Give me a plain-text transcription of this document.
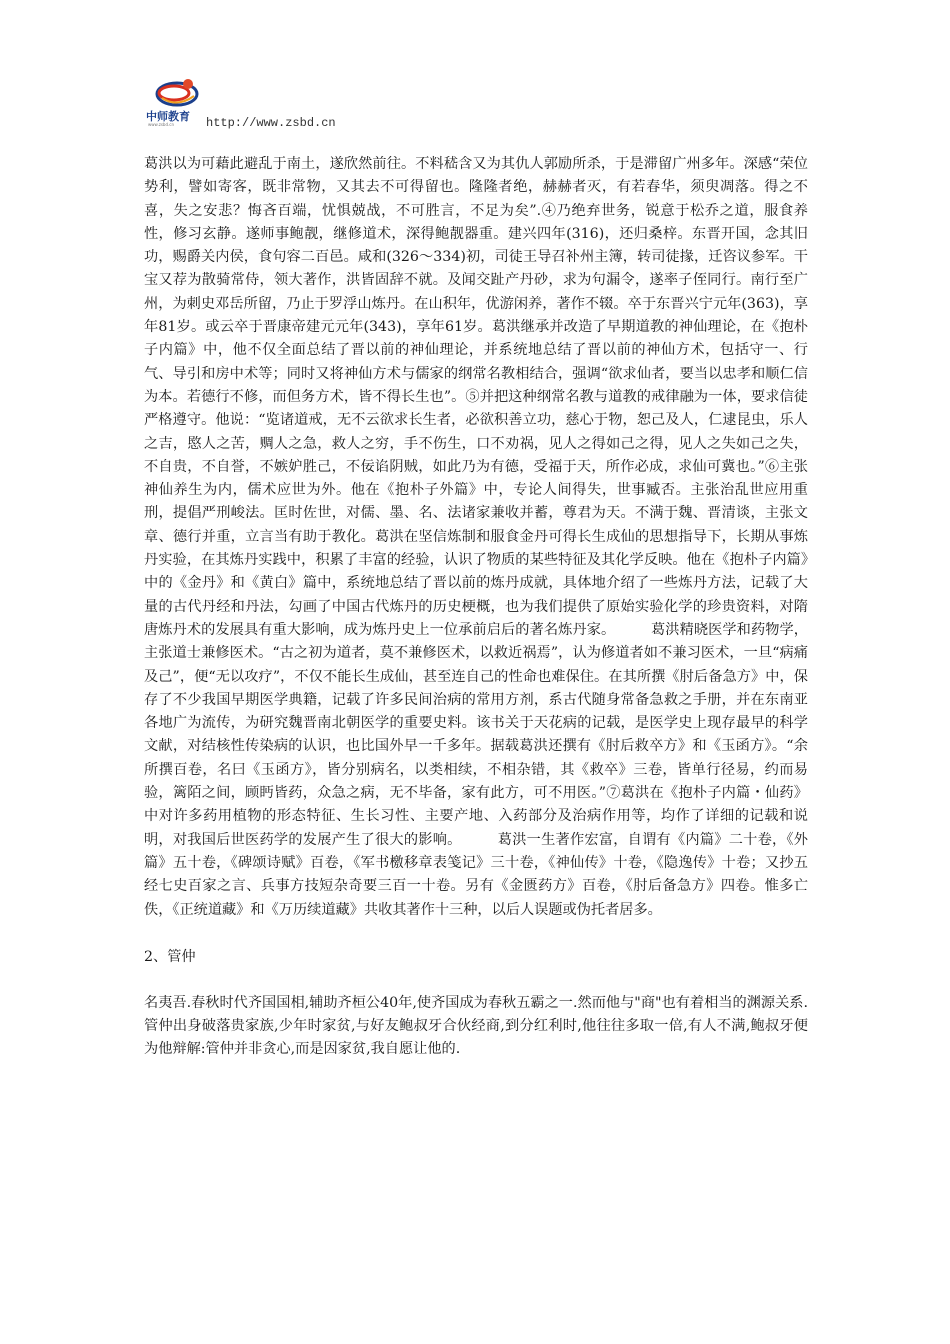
中师教育
www.zsbd.cn	http://www.zsbd.cn

葛洪以为可藉此避乱于南土，遂欣然前往。不料嵇含又为其仇人郭励所杀，于是滞留广州多年。深感“荣位势利，譬如寄客，既非常物，又其去不可得留也。隆隆者绝，赫赫者灭，有若春华，须臾凋落。得之不喜，失之安悲？悔吝百端，忧惧兢战，不可胜言，不足为矣”.④乃绝弃世务，锐意于松乔之道，服食养性，修习玄静。遂师事鲍靓，继修道术，深得鲍靓器重。建兴四年(316)，还归桑梓。东晋开国，念其旧功，赐爵关内侯，食句容二百邑。咸和(326～334)初，司徒王导召补州主簿，转司徒掾，迁咨议参军。干宝又荐为散骑常侍，领大著作，洪皆固辞不就。及闻交趾产丹砂，求为句漏令，遂率子侄同行。南行至广州，为刺史邓岳所留，乃止于罗浮山炼丹。在山积年，优游闲养，著作不辍。卒于东晋兴宁元年(363)，享年81岁。或云卒于晋康帝建元元年(343)，享年61岁。葛洪继承并改造了早期道教的神仙理论，在《抱朴子内篇》中，他不仅全面总结了晋以前的神仙理论，并系统地总结了晋以前的神仙方术，包括守一、行气、导引和房中术等；同时又将神仙方术与儒家的纲常名教相结合，强调“欲求仙者，要当以忠孝和顺仁信为本。若德行不修，而但务方术，皆不得长生也”。⑤并把这种纲常名教与道教的戒律融为一体，要求信徒严格遵守。他说：“览诸道戒，无不云欲求长生者，必欲积善立功，慈心于物，恕己及人，仁逮昆虫，乐人之吉，愍人之苦，赒人之急，救人之穷，手不伤生，口不劝祸，见人之得如己之得，见人之失如己之失，不自贵，不自誉，不嫉妒胜己，不佞谄阴贼，如此乃为有德，受福于天，所作必成，求仙可冀也。”⑥主张神仙养生为内，儒术应世为外。他在《抱朴子外篇》中，专论人间得失，世事臧否。主张治乱世应用重刑，提倡严刑峻法。匡时佐世，对儒、墨、名、法诸家兼收并蓄，尊君为天。不满于魏、晋清谈，主张文章、德行并重，立言当有助于教化。葛洪在坚信炼制和服食金丹可得长生成仙的思想指导下，长期从事炼丹实验，在其炼丹实践中，积累了丰富的经验，认识了物质的某些特征及其化学反映。他在《抱朴子内篇》中的《金丹》和《黄白》篇中，系统地总结了晋以前的炼丹成就，具体地介绍了一些炼丹方法，记载了大量的古代丹经和丹法，勾画了中国古代炼丹的历史梗概，也为我们提供了原始实验化学的珍贵资料，对隋唐炼丹术的发展具有重大影响，成为炼丹史上一位承前启后的著名炼丹家。　　　葛洪精晓医学和药物学，主张道士兼修医术。“古之初为道者，莫不兼修医术，以救近祸焉”，认为修道者如不兼习医术，一旦“病痛及己”，便“无以攻疗”，不仅不能长生成仙，甚至连自己的性命也难保住。在其所撰《肘后备急方》中，保存了不少我国早期医学典籍，记载了许多民间治病的常用方剂，系古代随身常备急救之手册，并在东南亚各地广为流传，为研究魏晋南北朝医学的重要史料。该书关于天花病的记载，是医学史上现存最早的科学文献，对结核性传染病的认识，也比国外早一千多年。据载葛洪还撰有《肘后救卒方》和《玉函方》。“余所撰百卷，名曰《玉函方》，皆分别病名，以类相续，不相杂错，其《救卒》三卷，皆单行径易，约而易验，篱陌之间，顾眄皆药，众急之病，无不毕备，家有此方，可不用医。”⑦葛洪在《抱朴子内篇・仙药》中对许多药用植物的形态特征、生长习性、主要产地、入药部分及治病作用等，均作了详细的记载和说明，对我国后世医药学的发展产生了很大的影响。　　　葛洪一生著作宏富，自谓有《内篇》二十卷，《外篇》五十卷，《碑颂诗赋》百卷，《军书檄移章表笺记》三十卷，《神仙传》十卷，《隐逸传》十卷；又抄五经七史百家之言、兵事方技短杂奇要三百一十卷。另有《金匮药方》百卷，《肘后备急方》四卷。惟多亡佚，《正统道藏》和《万历续道藏》共收其著作十三种，以后人误题或伪托者居多。

2、管仲

名夷吾.春秋时代齐国国相,辅助齐桓公40年,使齐国成为春秋五霸之一.然而他与"商"也有着相当的渊源关系.管仲出身破落贵家族,少年时家贫,与好友鲍叔牙合伙经商,到分红利时,他往往多取一倍,有人不满,鲍叔牙便为他辩解:管仲并非贪心,而是因家贫,我自愿让他的.
